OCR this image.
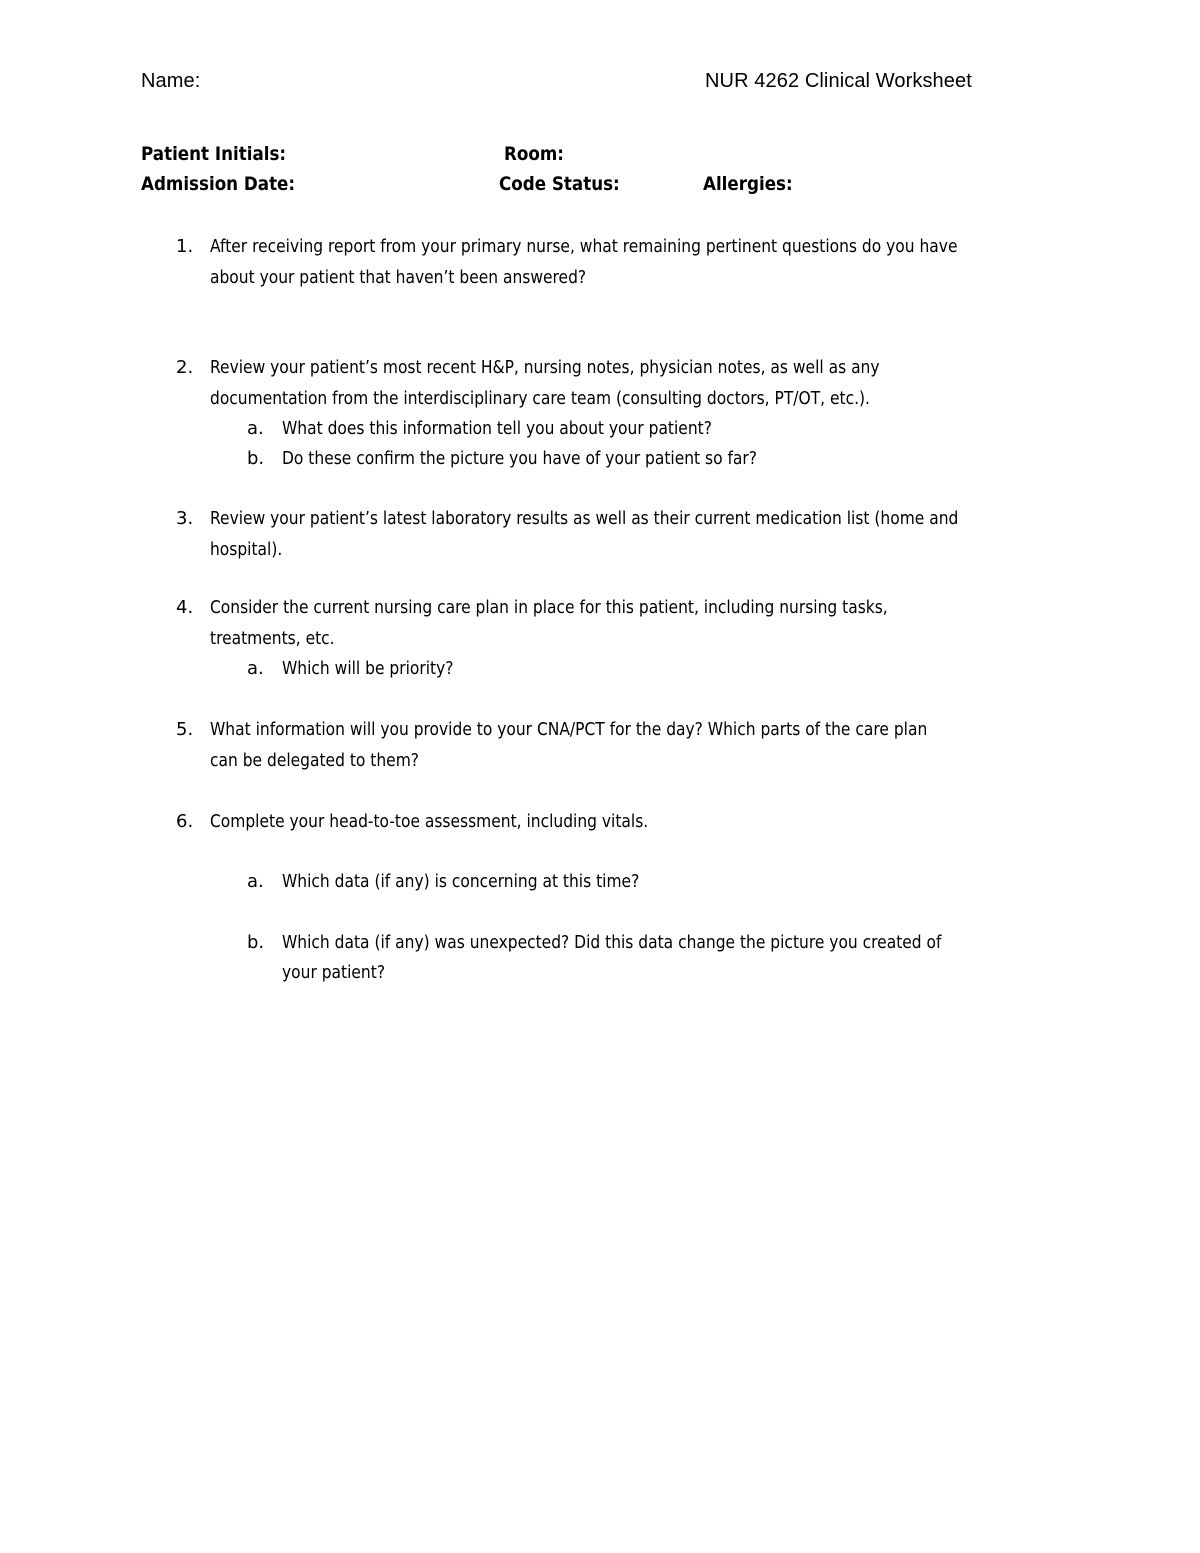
Name:	NUR 4262 Clinical Worksheet
Patient Initials:	Room:
Admission Date:	Code Status:	Allergies:
1. After receiving report from your primary nurse, what remaining pertinent questions do you have
about your patient that haven’t been answered?
2. Review your patient’s most recent H&P, nursing notes, physician notes, as well as any
documentation from the interdisciplinary care team (consulting doctors, PT/OT, etc.).
a. What does this information tell you about your patient?
b. Do these confirm the picture you have of your patient so far?
3. Review your patient’s latest laboratory results as well as their current medication list (home and
hospital).
4. Consider the current nursing care plan in place for this patient, including nursing tasks,
treatments, etc.
a. Which will be priority?
5. What information will you provide to your CNA/PCT for the day? Which parts of the care plan
can be delegated to them?
6. Complete your head-to-toe assessment, including vitals.
a. Which data (if any) is concerning at this time?
b. Which data (if any) was unexpected? Did this data change the picture you created of
your patient?
